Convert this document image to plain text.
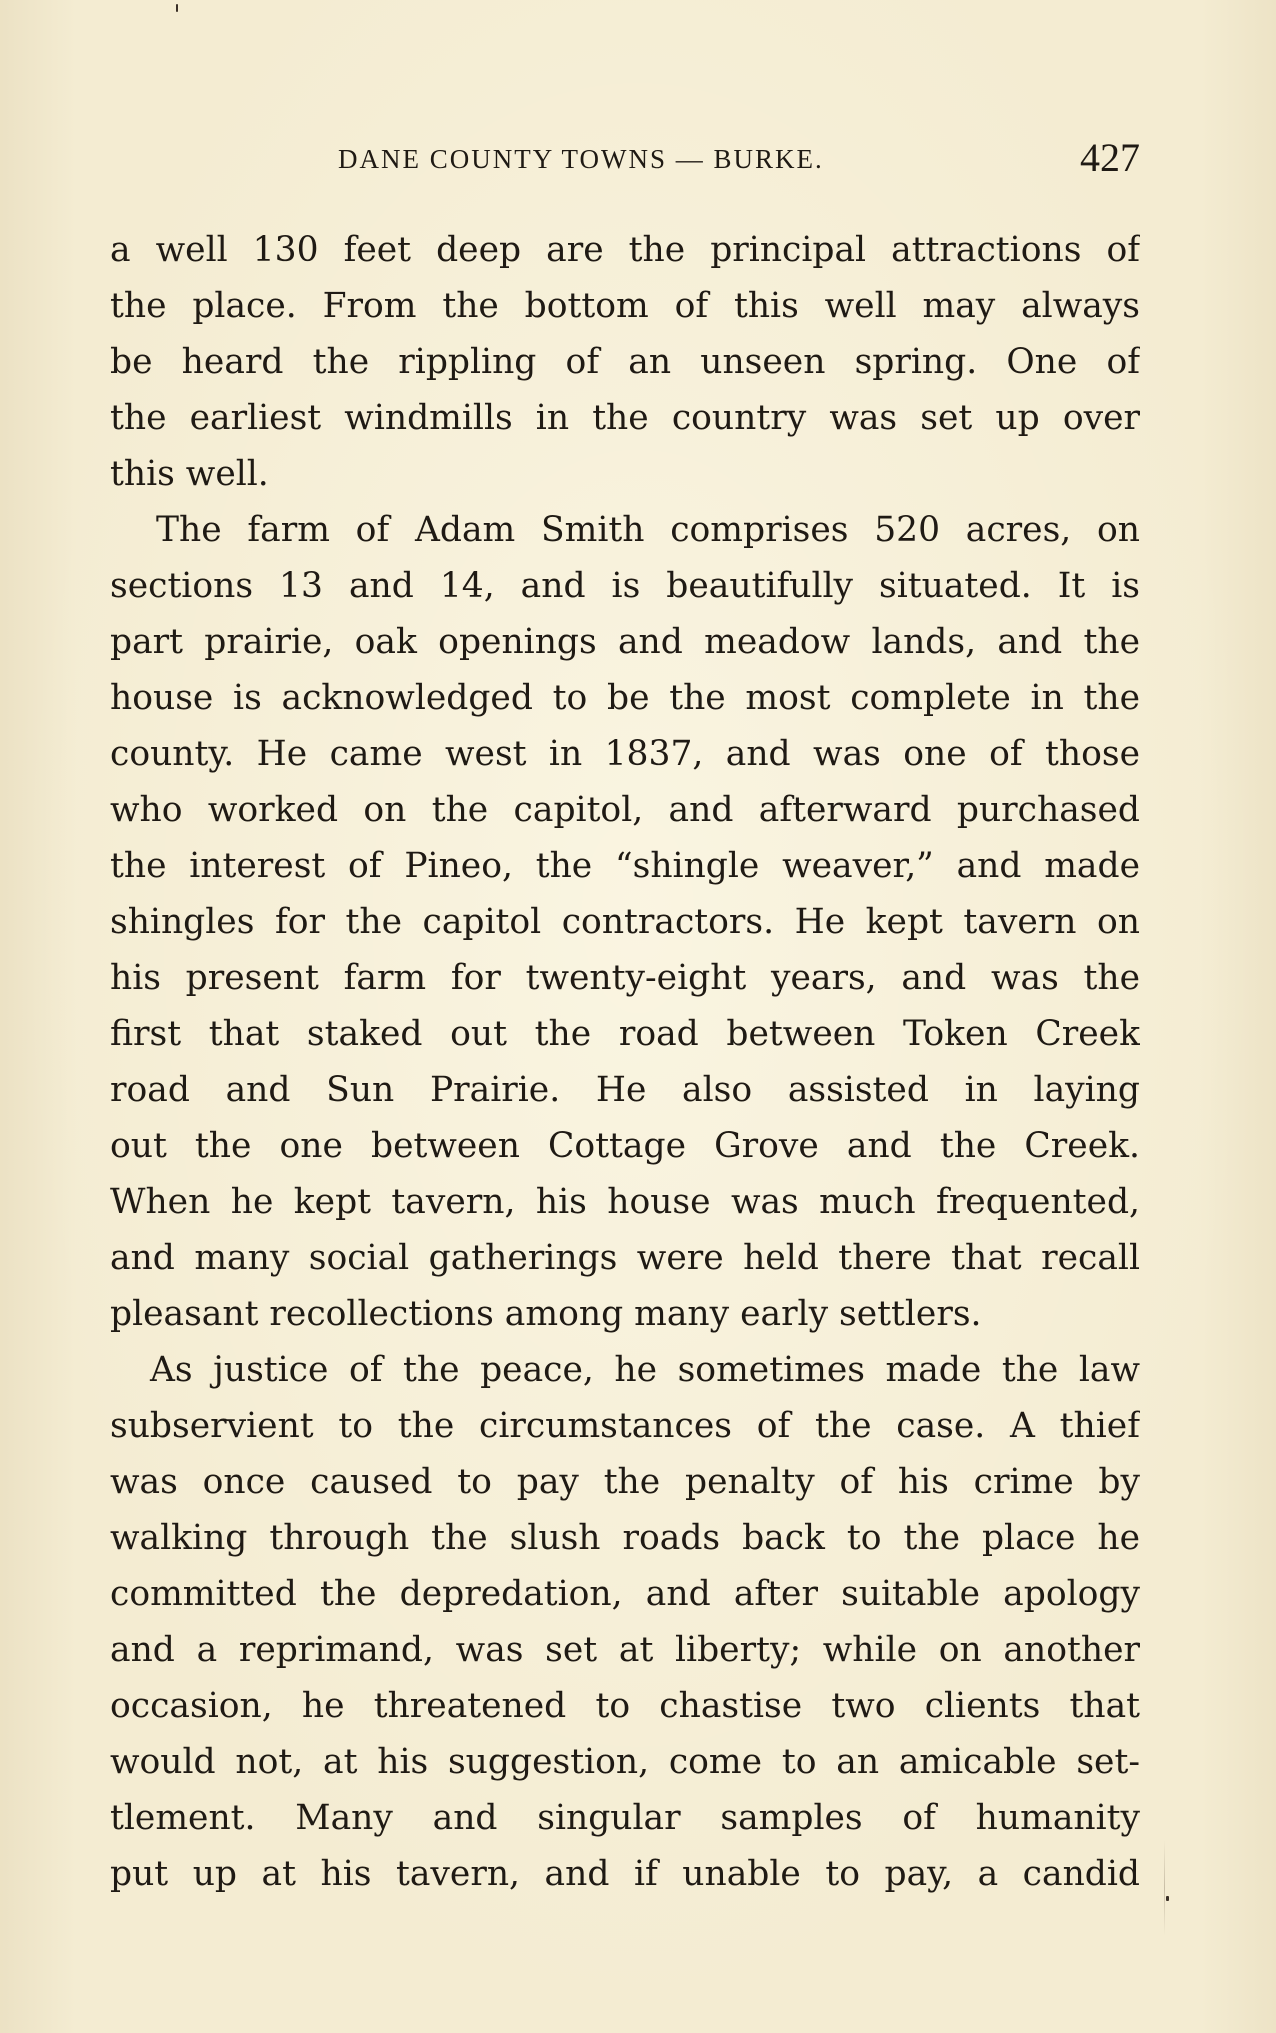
DANE COUNTY TOWNS — BURKE.	427
a well 130 feet deep are the principal attractions of
the place. From the bottom of this well may always
be heard the rippling of an unseen spring. One of
the earliest windmills in the country was set up over
this well.
The farm of Adam Smith comprises 520 acres, on
sections 13 and 14, and is beautifully situated. It is
part prairie, oak openings and meadow lands, and the
house is acknowledged to be the most complete in the
county. He came west in 1837, and was one of those
who worked on the capitol, and afterward purchased
the interest of Pineo, the “shingle weaver,” and made
shingles for the capitol contractors. He kept tavern on
his present farm for twenty-eight years, and was the
first that staked out the road between Token Creek
road and Sun Prairie. He also assisted in laying
out the one between Cottage Grove and the Creek.
When he kept tavern, his house was much frequented,
and many social gatherings were held there that recall
pleasant recollections among many early settlers.
As justice of the peace, he sometimes made the law
subservient to the circumstances of the case. A thief
was once caused to pay the penalty of his crime by
walking through the slush roads back to the place he
committed the depredation, and after suitable apology
and a reprimand, was set at liberty; while on another
occasion, he threatened to chastise two clients that
would not, at his suggestion, come to an amicable set-
tlement. Many and singular samples of humanity
put up at his tavern, and if unable to pay, a candid
